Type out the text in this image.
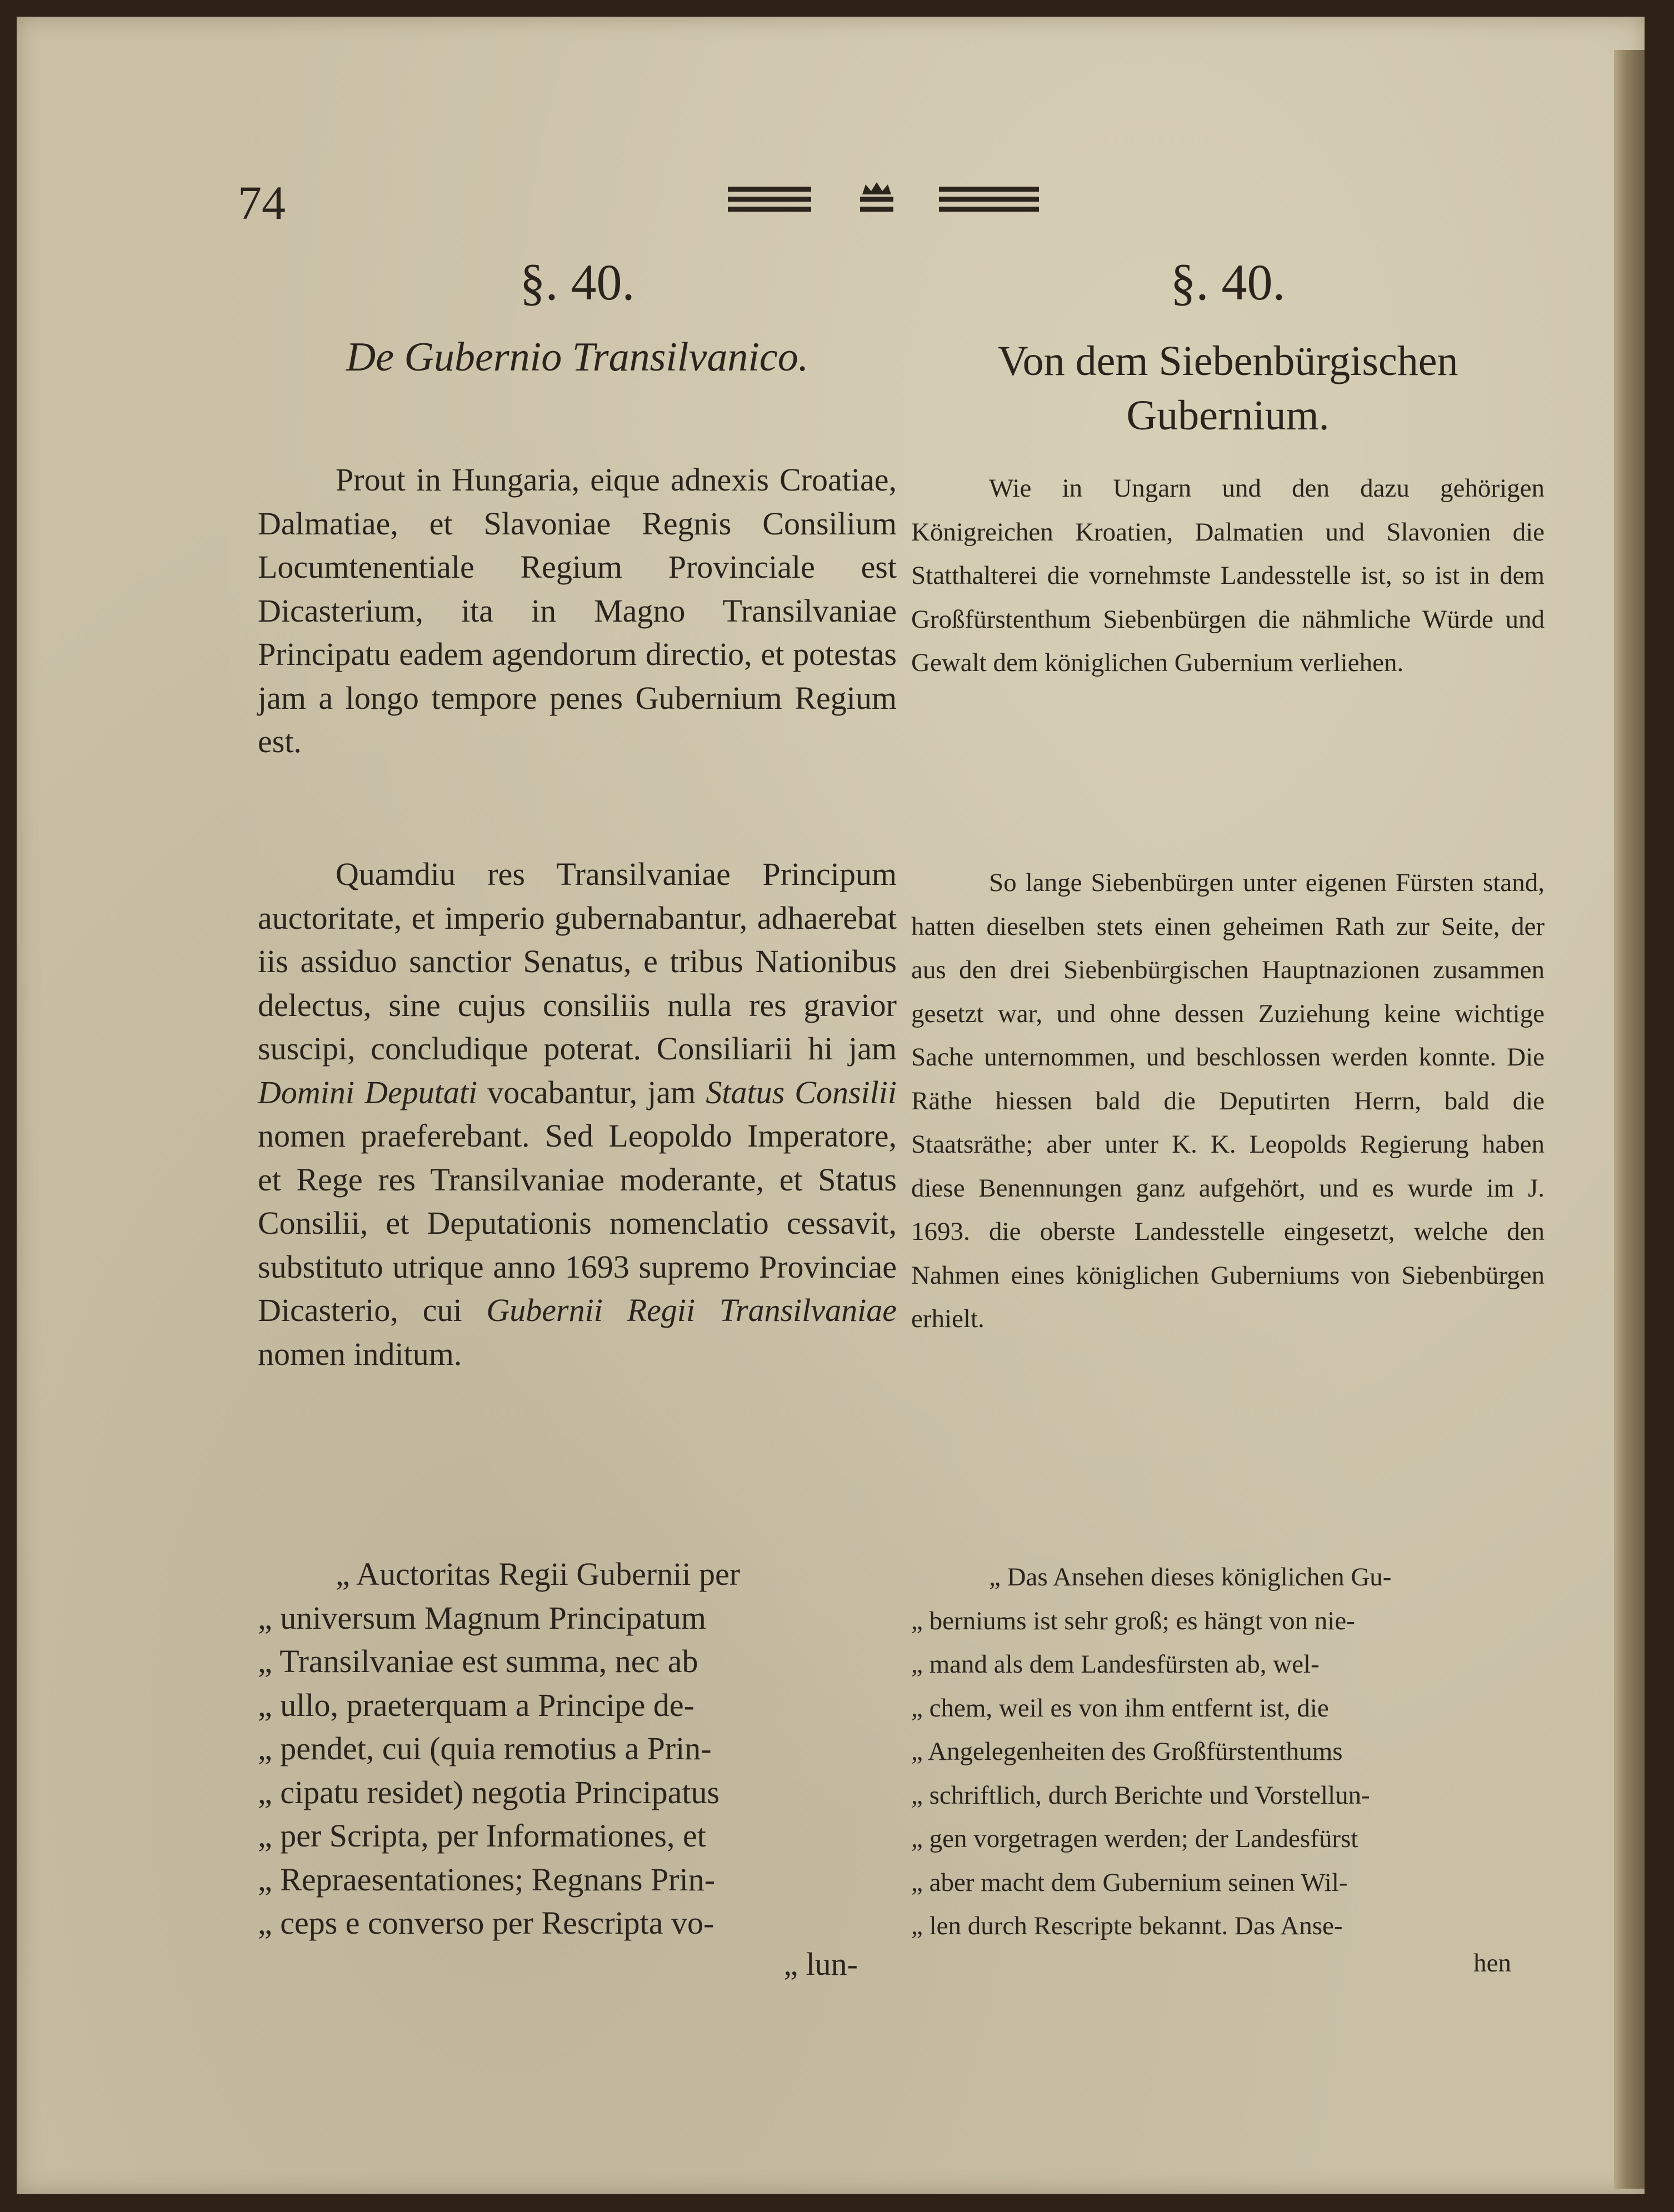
74
§. 40.
De Gubernio Transilvanico.

Prout in Hungaria, eique adnexis Croatiae, Dalmatiae, et Slavoniae Regnis Consilium Locumtenentiale Regium Provinciale est Dicasterium, ita in Magno Transilvaniae Principatu eadem agendorum directio, et potestas jam a longo tempore penes Gubernium Regium est.

Quamdiu res Transilvaniae Principum auctoritate, et imperio gubernabantur, adhaerebat iis assiduo sanctior Senatus, e tribus Nationibus delectus, sine cujus consiliis nulla res gravior suscipi, concludique poterat. Consiliarii hi jam Domini Deputati vocabantur, jam Status Consilii nomen praeferebant. Sed Leopoldo Imperatore, et Rege res Transilvaniae moderante, et Status Consilii, et Deputationis nomenclatio cessavit, substituto utrique anno 1693 supremo Provinciae Dicasterio, cui Gubernii Regii Transilvaniae nomen inditum.

„ Auctoritas Regii Gubernii per
„ universum Magnum Principatum
„ Transilvaniae est summa, nec ab
„ ullo, praeterquam a Principe de-
„ pendet, cui (quia remotius a Prin-
„ cipatu residet) negotia Principatus
„ per Scripta, per Informationes, et
„ Repraesentationes; Regnans Prin-
„ ceps e converso per Rescripta vo-
„ lun-
§. 40.
Von dem Siebenbürgischen Gubernium.

Wie in Ungarn und den dazu gehörigen Königreichen Kroatien, Dalmatien und Slavonien die Statthalterei die vornehmste Landesstelle ist, so ist in dem Großfürstenthum Siebenbürgen die nähmliche Würde und Gewalt dem königlichen Gubernium verliehen.

So lange Siebenbürgen unter eigenen Fürsten stand, hatten dieselben stets einen geheimen Rath zur Seite, der aus den drei Siebenbürgischen Hauptnazionen zusammen gesetzt war, und ohne dessen Zuziehung keine wichtige Sache unternommen, und beschlossen werden konnte. Die Räthe hiessen bald die Deputirten Herrn, bald die Staatsräthe; aber unter K. K. Leopolds Regierung haben diese Benennungen ganz aufgehört, und es wurde im J. 1693. die oberste Landesstelle eingesetzt, welche den Nahmen eines königlichen Guberniums von Siebenbürgen erhielt.

„ Das Ansehen dieses königlichen Gu-
„ berniums ist sehr groß; es hängt von nie-
„ mand als dem Landesfürsten ab, wel-
„ chem, weil es von ihm entfernt ist, die
„ Angelegenheiten des Großfürstenthums
„ schriftlich, durch Berichte und Vorstellun-
„ gen vorgetragen werden; der Landesfürst
„ aber macht dem Gubernium seinen Wil-
„ len durch Rescripte bekannt. Das Anse-
hen
